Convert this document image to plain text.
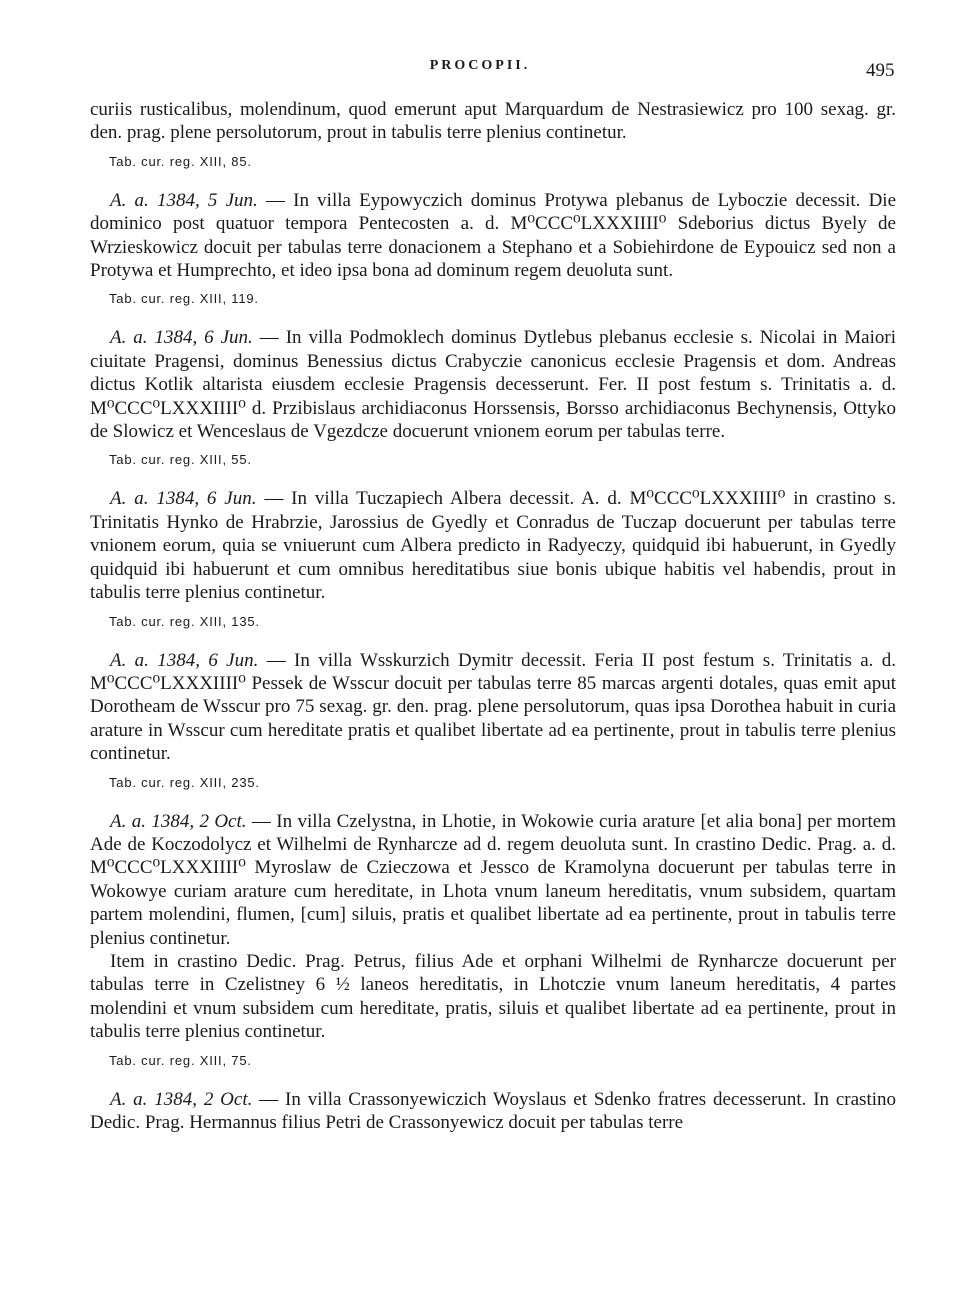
PROCOPII.	495

curiis rusticalibus, molendinum, quod emerunt aput Marquardum de Nestrasiewicz pro 100 sexag. gr. den. prag. plene persolutorum, prout in tabulis terre plenius continetur.

Tab. cur. reg. XIII, 85.

A. a. 1384, 5 Jun. — In villa Eypowyczich dominus Protywa plebanus de Lyboczie decessit. Die dominico post quatuor tempora Pentecosten a. d. M⁰CCC⁰LXXXIIII⁰ Sdeborius dictus Byely de Wrzieskowicz docuit per tabulas terre donacionem a Stephano et a Sobiehirdone de Eypouicz sed non a Protywa et Humprechto, et ideo ipsa bona ad dominum regem deuoluta sunt.

Tab. cur. reg. XIII, 119.

A. a. 1384, 6 Jun. — In villa Podmoklech dominus Dytlebus plebanus ecclesie s. Nicolai in Maiori ciuitate Pragensi, dominus Benessius dictus Crabyczie canonicus ecclesie Pragensis et dom. Andreas dictus Kotlik altarista eiusdem ecclesie Pragensis decesserunt. Fer. II post festum s. Trinitatis a. d. M⁰CCC⁰LXXXIIII⁰ d. Przibislaus archidiaconus Horssensis, Borsso archidiaconus Bechynensis, Ottyko de Slowicz et Wenceslaus de Vgezdcze docuerunt vnionem eorum per tabulas terre.

Tab. cur. reg. XIII, 55.

A. a. 1384, 6 Jun. — In villa Tuczapiech Albera decessit. A. d. M⁰CCC⁰LXXXIIII⁰ in crastino s. Trinitatis Hynko de Hrabrzie, Jarossius de Gyedly et Conradus de Tuczap docuerunt per tabulas terre vnionem eorum, quia se vniuerunt cum Albera predicto in Radyeczy, quidquid ibi habuerunt, in Gyedly quidquid ibi habuerunt et cum omnibus hereditatibus siue bonis ubique habitis vel habendis, prout in tabulis terre plenius continetur.

Tab. cur. reg. XIII, 135.

A. a. 1384, 6 Jun. — In villa Wsskurzich Dymitr decessit. Feria II post festum s. Trinitatis a. d. M⁰CCC⁰LXXXIIII⁰ Pessek de Wsscur docuit per tabulas terre 85 marcas argenti dotales, quas emit aput Dorotheam de Wsscur pro 75 sexag. gr. den. prag. plene persolutorum, quas ipsa Dorothea habuit in curia arature in Wsscur cum hereditate pratis et qualibet libertate ad ea pertinente, prout in tabulis terre plenius continetur.

Tab. cur. reg. XIII, 235.

A. a. 1384, 2 Oct. — In villa Czelystna, in Lhotie, in Wokowie curia arature [et alia bona] per mortem Ade de Koczodolycz et Wilhelmi de Rynharcze ad d. regem deuoluta sunt. In crastino Dedic. Prag. a. d. M⁰CCC⁰LXXXIIII⁰ Myroslaw de Czieczowa et Jessco de Kramolyna docuerunt per tabulas terre in Wokowye curiam arature cum hereditate, in Lhota vnum laneum hereditatis, vnum subsidem, quartam partem molendini, flumen, [cum] siluis, pratis et qualibet libertate ad ea pertinente, prout in tabulis terre plenius continetur.

Item in crastino Dedic. Prag. Petrus, filius Ade et orphani Wilhelmi de Rynharcze docuerunt per tabulas terre in Czelistney 6 ½ laneos hereditatis, in Lhotczie vnum laneum hereditatis, 4 partes molendini et vnum subsidem cum hereditate, pratis, siluis et qualibet libertate ad ea pertinente, prout in tabulis terre plenius continetur.

Tab. cur. reg. XIII, 75.

A. a. 1384, 2 Oct. — In villa Crassonyewiczich Woyslaus et Sdenko fratres decesserunt. In crastino Dedic. Prag. Hermannus filius Petri de Crassonyewicz docuit per tabulas terre
